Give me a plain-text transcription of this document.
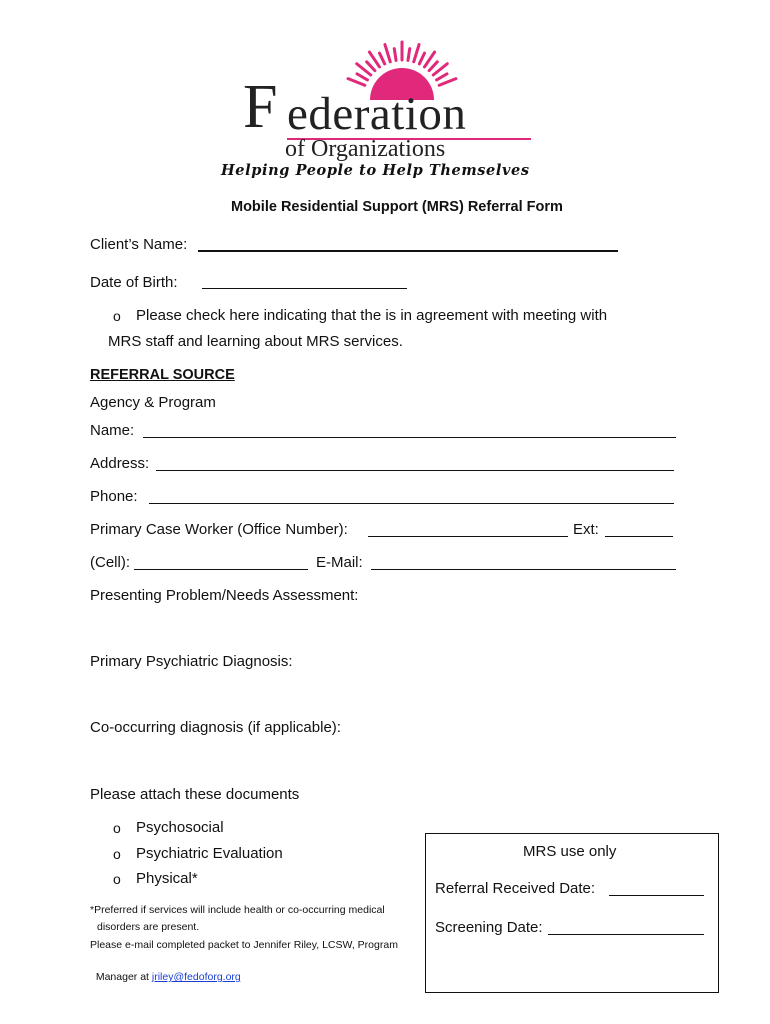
F ederation
of Organizations
Helping People to Help Themselves
Mobile Residential Support (MRS) Referral Form
Client’s Name:
Date of Birth:
o Please check here indicating that the is in agreement with meeting with
MRS staff and learning about MRS services.
REFERRAL SOURCE
Agency & Program
Name:
Address:
Phone:
Primary Case Worker (Office Number):	Ext:
(Cell):	E-Mail:
Presenting Problem/Needs Assessment:
Primary Psychiatric Diagnosis:
Co-occurring diagnosis (if applicable):
Please attach these documents
o Psychosocial
o Psychiatric Evaluation
o Physical*
*Preferred if services will include health or co-occurring medical
disorders are present.
Please e-mail completed packet to Jennifer Riley, LCSW, Program

Manager at jriley@fedoforg.org

MRS use only
Referral Received Date:
Screening Date:
